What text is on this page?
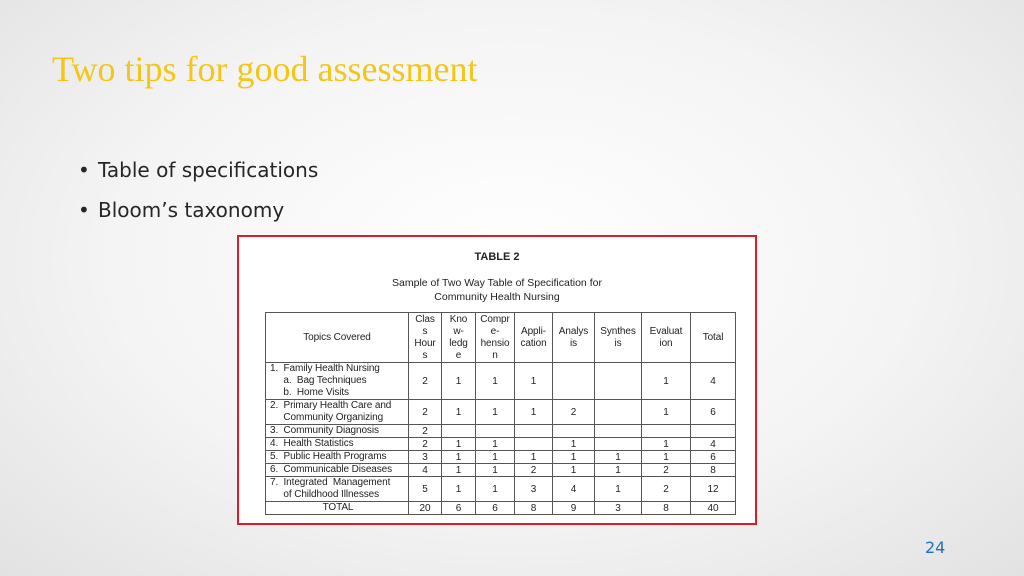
Two tips for good assessment
• Table of specifications
• Bloom’s taxonomy
TABLE 2
Sample of Two Way Table of Specification for
Community Health Nursing
Topics Covered	Clas
s
Hour
s	Kno
w-
ledg
e	Compr
e-
hensio
n	Appli-
cation	Analys
is	Synthes
is	Evaluat
ion	Total

1.  Family Health Nursing
a.  Bag Techniques
b.  Home Visits	2	1	1	1			1	4

2.  Primary Health Care and
Community Organizing	2	1	1	1	2		1	6

3.  Community Diagnosis	2							

4.  Health Statistics	2	1	1		1		1	4

5.  Public Health Programs	3	1	1	1	1	1	1	6

6.  Communicable Diseases	4	1	1	2	1	1	2	8

7.  Integrated  Management
of Childhood Illnesses	5	1	1	3	4	1	2	12
TOTAL	20	6	6	8	9	3	8	40
24
